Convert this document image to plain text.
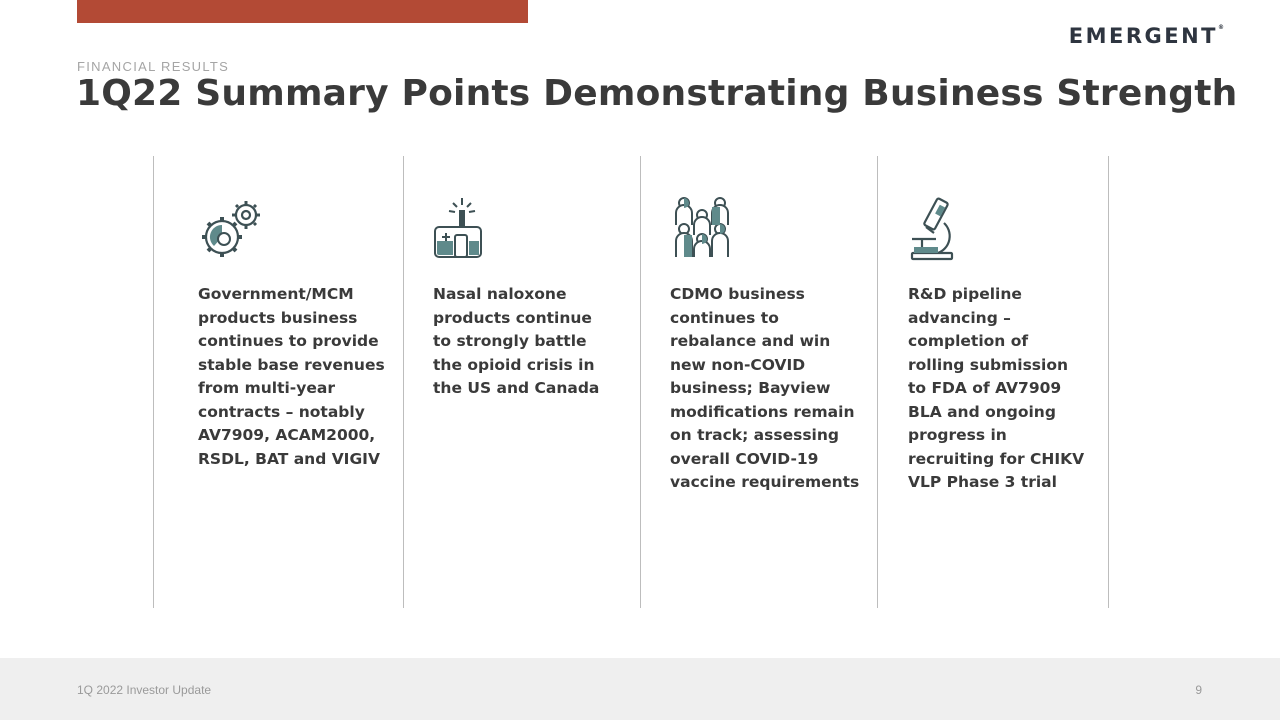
EMERGENT®
FINANCIAL RESULTS
1Q22 Summary Points Demonstrating Business Strength
Government/MCM
products business
continues to provide
stable base revenues
from multi-year
contracts – notably
AV7909, ACAM2000,
RSDL, BAT and VIGIV
Nasal naloxone
products continue
to strongly battle
the opioid crisis in
the US and Canada
CDMO business
continues to
rebalance and win
new non-COVID
business; Bayview
modifications remain
on track; assessing
overall COVID-19
vaccine requirements
R&D pipeline
advancing –
completion of
rolling submission
to FDA of AV7909
BLA and ongoing
progress in
recruiting for CHIKV
VLP Phase 3 trial
1Q 2022 Investor Update	9
